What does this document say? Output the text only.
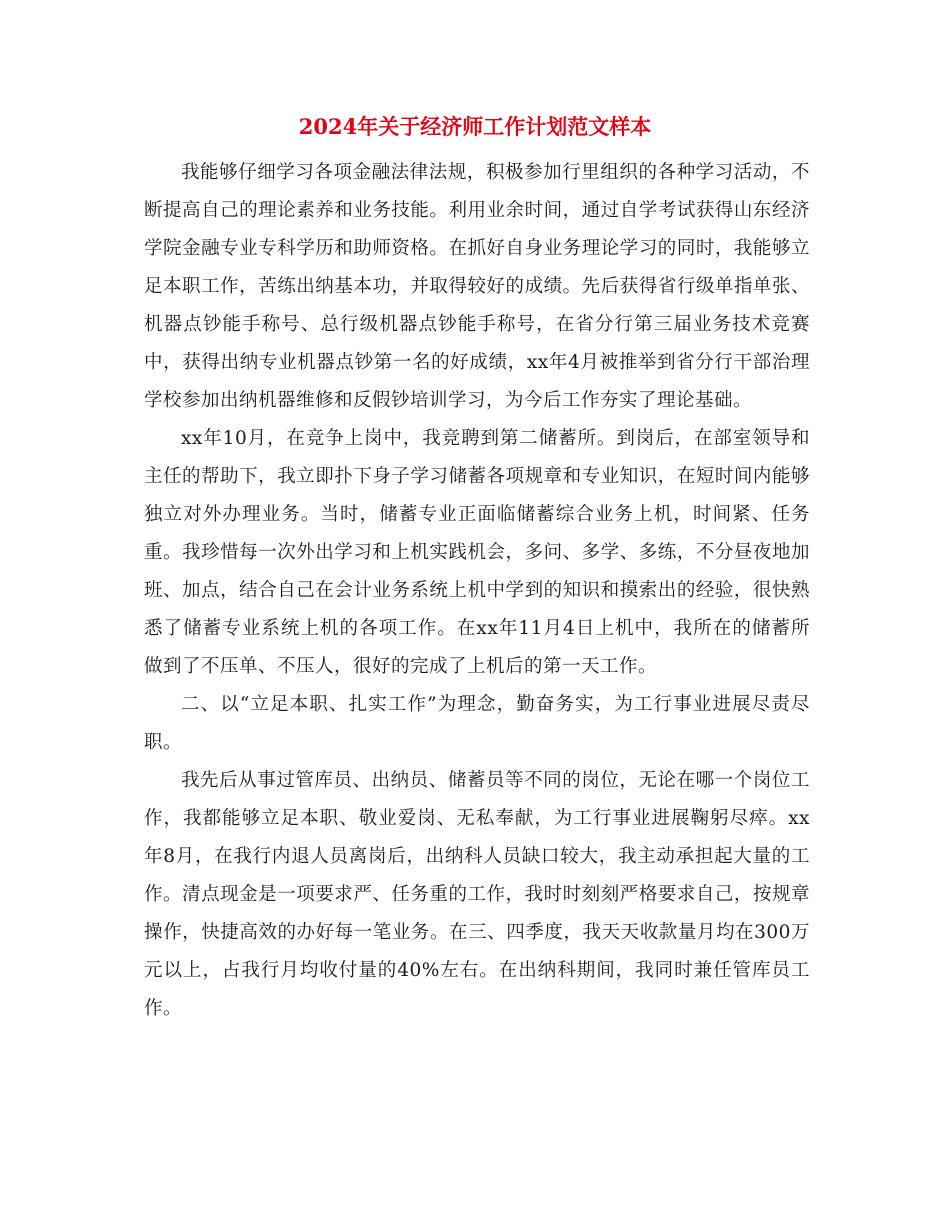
2024年关于经济师工作计划范文样本

我能够仔细学习各项金融法律法规，积极参加行里组织的各种学习活动，不断提高自己的理论素养和业务技能。利用业余时间，通过自学考试获得山东经济学院金融专业专科学历和助师资格。在抓好自身业务理论学习的同时，我能够立足本职工作，苦练出纳基本功，并取得较好的成绩。先后获得省行级单指单张、机器点钞能手称号、总行级机器点钞能手称号，在省分行第三届业务技术竞赛中，获得出纳专业机器点钞第一名的好成绩，xx年4月被推举到省分行干部治理学校参加出纳机器维修和反假钞培训学习，为今后工作夯实了理论基础。

xx年10月，在竞争上岗中，我竞聘到第二储蓄所。到岗后，在部室领导和主任的帮助下，我立即扑下身子学习储蓄各项规章和专业知识，在短时间内能够独立对外办理业务。当时，储蓄专业正面临储蓄综合业务上机，时间紧、任务重。我珍惜每一次外出学习和上机实践机会，多问、多学、多练，不分昼夜地加班、加点，结合自己在会计业务系统上机中学到的知识和摸索出的经验，很快熟悉了储蓄专业系统上机的各项工作。在xx年11月4日上机中，我所在的储蓄所做到了不压单、不压人，很好的完成了上机后的第一天工作。

二、以“立足本职、扎实工作”为理念，勤奋务实，为工行事业进展尽责尽职。

我先后从事过管库员、出纳员、储蓄员等不同的岗位，无论在哪一个岗位工作，我都能够立足本职、敬业爱岗、无私奉献，为工行事业进展鞠躬尽瘁。xx年8月，在我行内退人员离岗后，出纳科人员缺口较大，我主动承担起大量的工作。清点现金是一项要求严、任务重的工作，我时时刻刻严格要求自己，按规章操作，快捷高效的办好每一笔业务。在三、四季度，我天天收款量月均在300万元以上，占我行月均收付量的40%左右。在出纳科期间，我同时兼任管库员工作。
